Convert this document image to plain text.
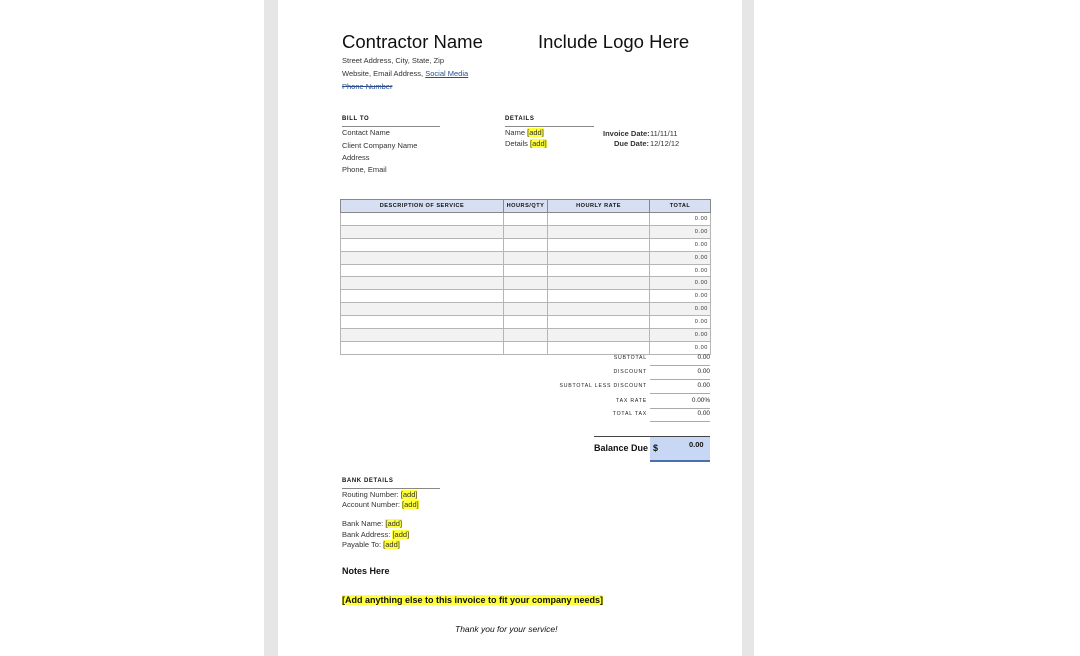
Contractor Name	Include Logo Here
Street Address, City, State, Zip
Website, Email Address, Social Media
Phone Number
BILL TO
Contact Name
Client Company Name
Address
Phone, Email
DETAILS
Name [add]
Details [add]
Invoice Date: 11/11/11
Due Date: 12/12/12
DESCRIPTION OF SERVICE	HOURS/QTY	HOURLY RATE	TOTAL
			0.00
			0.00
			0.00
			0.00
			0.00
			0.00
			0.00
			0.00
			0.00
			0.00
			0.00
SUBTOTAL	0.00
DISCOUNT	0.00
SUBTOTAL LESS DISCOUNT	0.00
TAX RATE	0.00%
TOTAL TAX	0.00
Balance Due $	0.00
BANK DETAILS
Routing Number: [add]
Account Number: [add]
Bank Name: [add]
Bank Address: [add]
Payable To: [add]
Notes Here
[Add anything else to this invoice to fit your company needs]
Thank you for your service!
